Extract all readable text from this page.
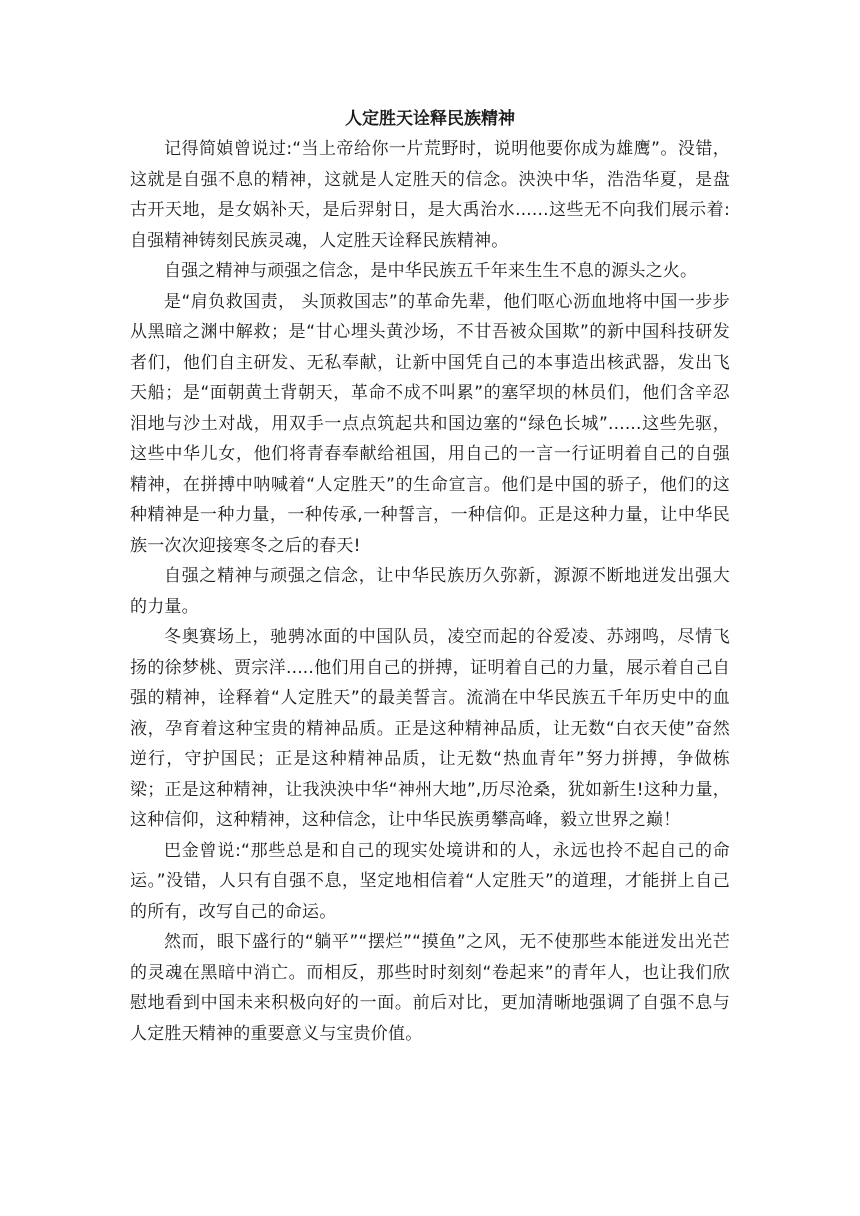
人定胜天诠释民族精神

记得简媜曾说过:“当上帝给你一片荒野时，说明他要你成为雄鹰”。没错，这就是自强不息的精神，这就是人定胜天的信念。泱泱中华，浩浩华夏，是盘古开天地，是女娲补天，是后羿射日，是大禹治水......这些无不向我们展示着:自强精神铸刻民族灵魂，人定胜天诠释民族精神。

自强之精神与顽强之信念，是中华民族五千年来生生不息的源头之火。

是“肩负救国责， 头顶救国志”的革命先辈，他们呕心沥血地将中国一步步从黑暗之渊中解救；是“甘心埋头黄沙场，不甘吾被众国欺”的新中国科技研发者们，他们自主研发、无私奉献，让新中国凭自己的本事造出核武器，发出飞天船；是“面朝黄土背朝天，革命不成不叫累”的塞罕坝的林员们，他们含辛忍泪地与沙土对战，用双手一点点筑起共和国边塞的“绿色长城”......这些先驱，这些中华儿女，他们将青春奉献给祖国，用自己的一言一行证明着自己的自强精神，在拼搏中呐喊着“人定胜天”的生命宣言。他们是中国的骄子，他们的这种精神是一种力量，一种传承,一种誓言，一种信仰。正是这种力量，让中华民族一次次迎接寒冬之后的春天!

自强之精神与顽强之信念，让中华民族历久弥新，源源不断地迸发出强大的力量。

冬奥赛场上，驰骋冰面的中国队员，凌空而起的谷爱凌、苏翊鸣，尽情飞扬的徐梦桃、贾宗洋.....他们用自己的拼搏，证明着自己的力量，展示着自己自强的精神，诠释着“人定胜天”的最美誓言。流淌在中华民族五千年历史中的血液，孕育着这种宝贵的精神品质。正是这种精神品质，让无数“白衣天使”奋然逆行，守护国民；正是这种精神品质，让无数“热血青年”努力拼搏，争做栋梁；正是这种精神，让我泱泱中华“神州大地”,历尽沧桑，犹如新生!这种力量，这种信仰，这种精神，这种信念，让中华民族勇攀高峰，毅立世界之巅！

巴金曾说:“那些总是和自己的现实处境讲和的人，永远也拎不起自己的命运。”没错，人只有自强不息，坚定地相信着“人定胜天”的道理，才能拼上自己的所有，改写自己的命运。

然而，眼下盛行的“躺平”“摆烂”“摸鱼”之风，无不使那些本能迸发出光芒的灵魂在黑暗中消亡。而相反，那些时时刻刻“卷起来”的青年人，也让我们欣慰地看到中国未来积极向好的一面。前后对比，更加清晰地强调了自强不息与人定胜天精神的重要意义与宝贵价值。
